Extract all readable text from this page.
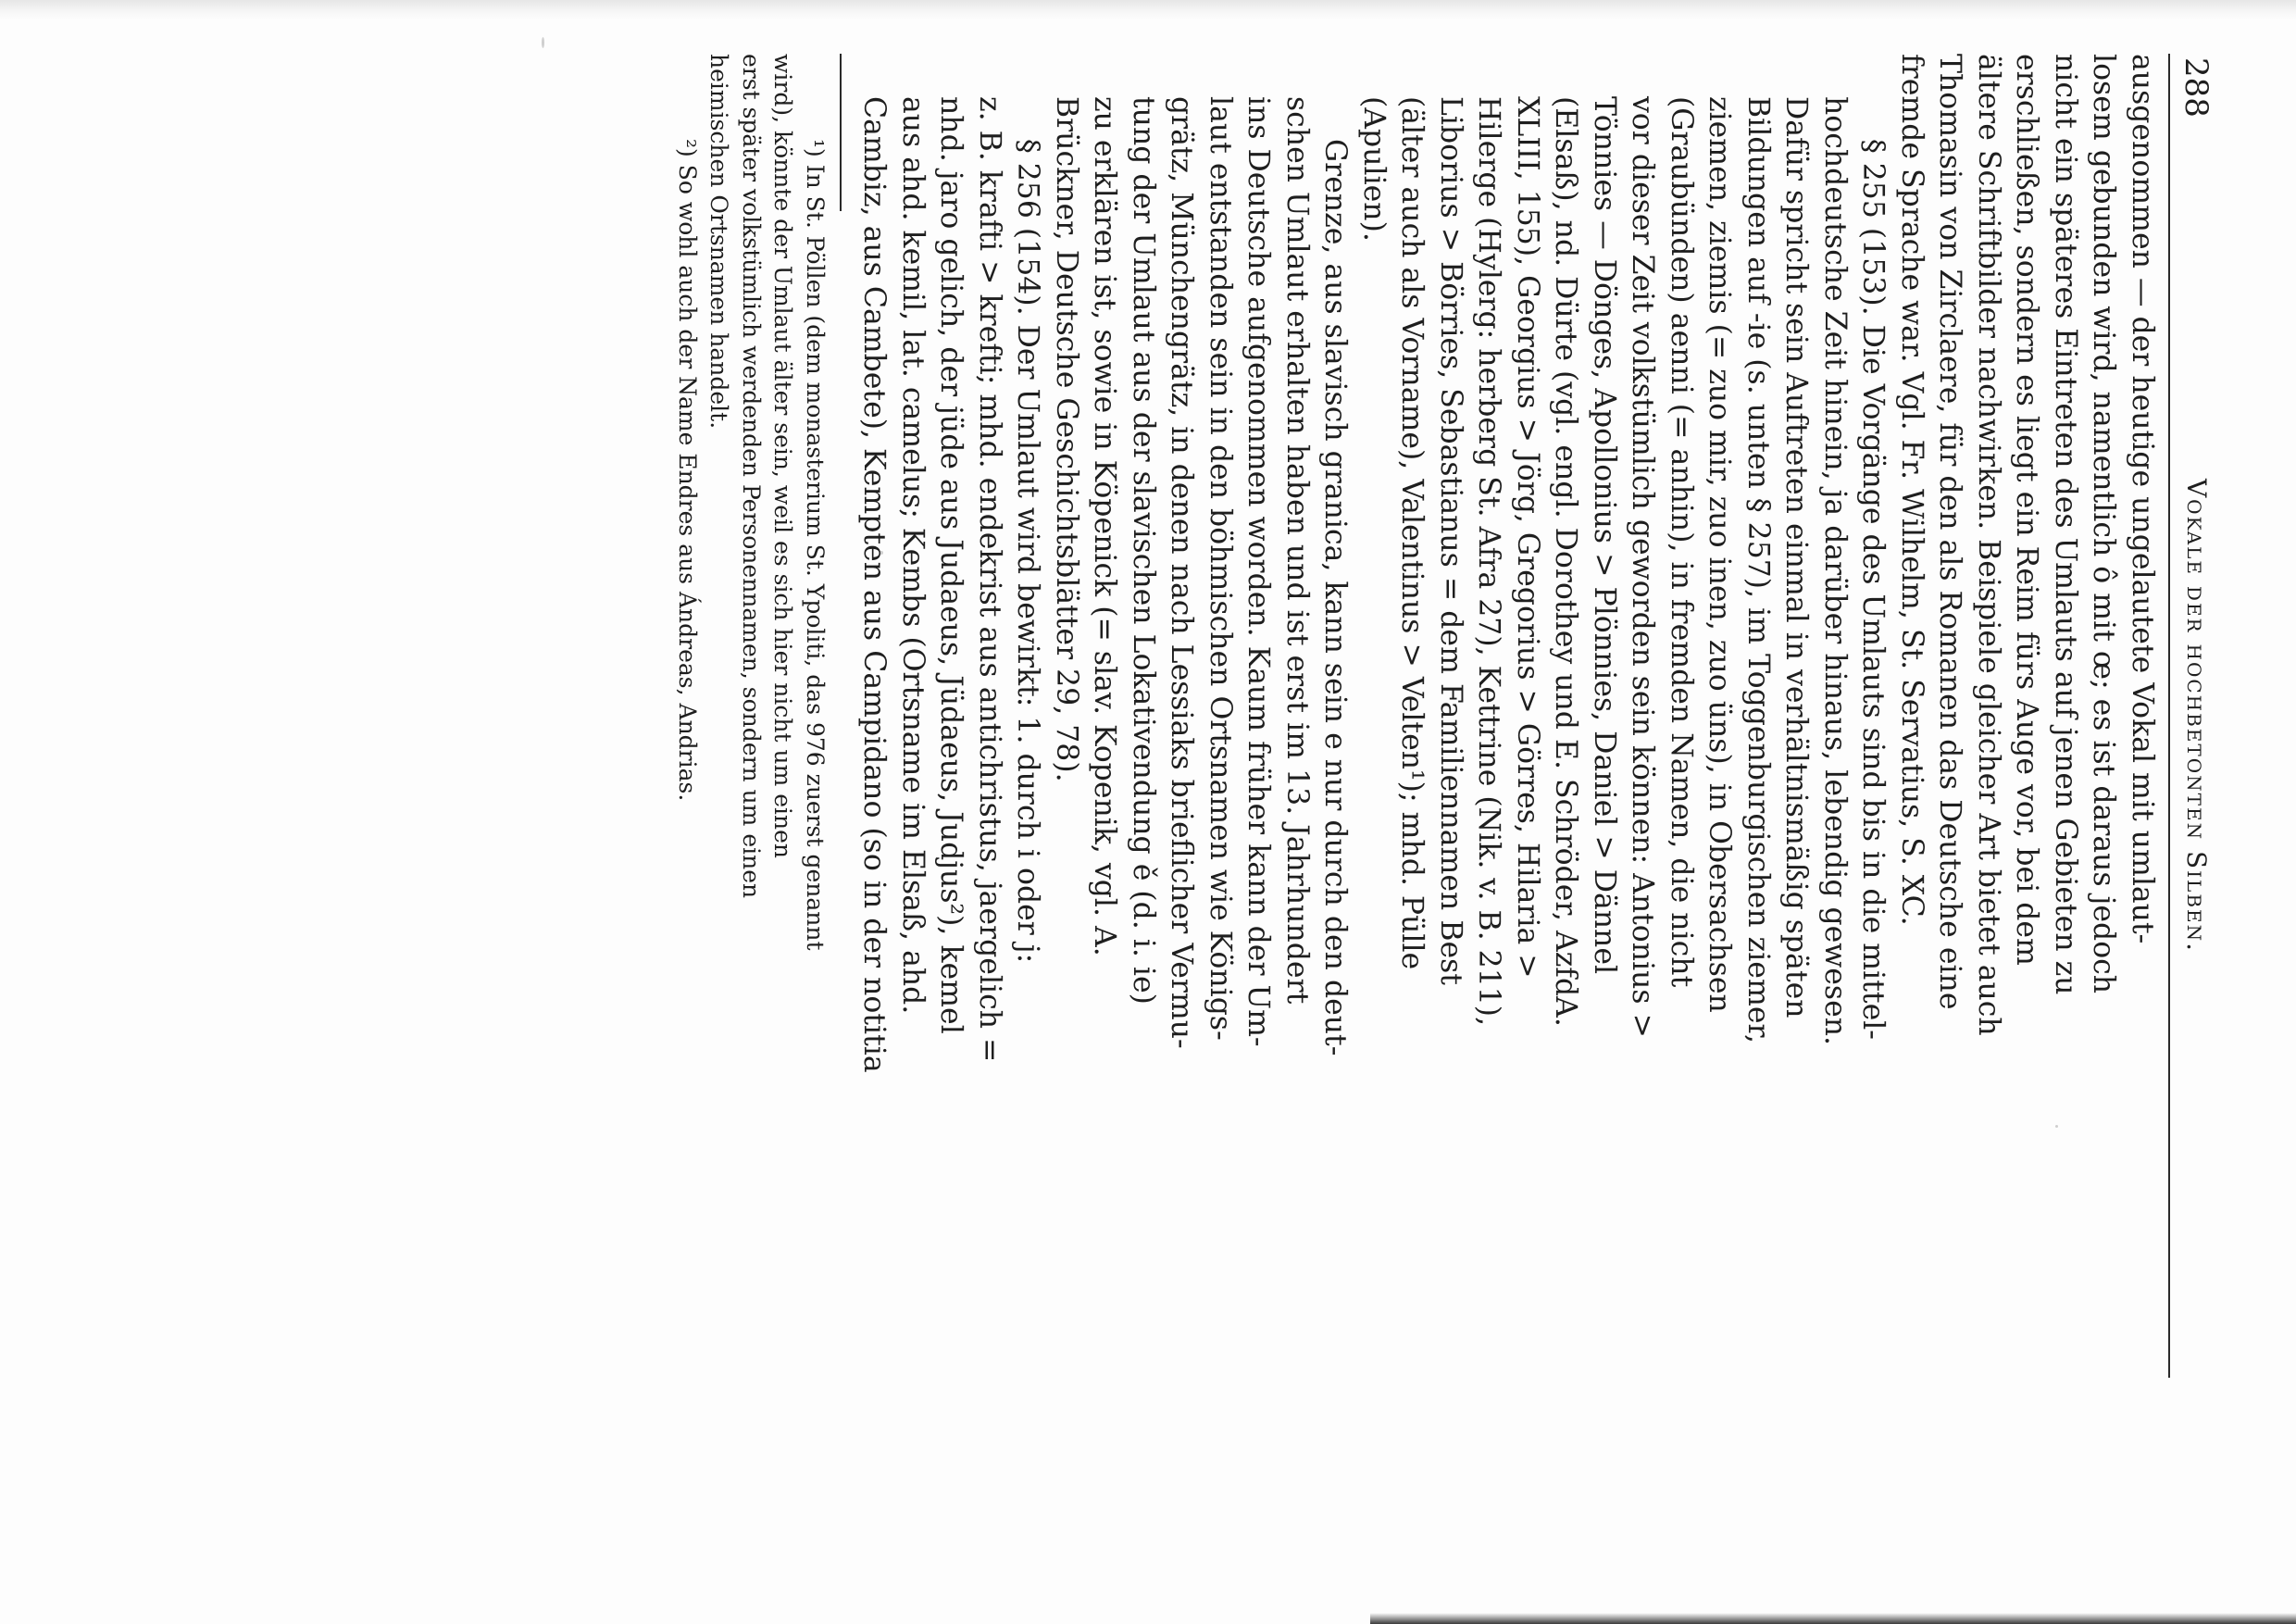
288
Vokale der hochbetonten Silben.

ausgenommen — der heutige ungelautete Vokal mit umlaut-
losem gebunden wird, namentlich ô mit œ; es ist daraus jedoch
nicht ein späteres Eintreten des Umlauts auf jenen Gebieten zu
erschließen, sondern es liegt ein Reim fürs Auge vor, bei dem
ältere Schriftbilder nachwirken. Beispiele gleicher Art bietet auch
Thomasin von Zirclaere, für den als Romanen das Deutsche eine
fremde Sprache war. Vgl. Fr. Wilhelm, St. Servatius, S. XC.

§ 255 (153). Die Vorgänge des Umlauts sind bis in die mittel-
hochdeutsche Zeit hinein, ja darüber hinaus, lebendig gewesen.
Dafür spricht sein Auftreten einmal in verhältnismäßig späten
Bildungen auf -ie (s. unten § 257), im Toggenburgischen ziemer,
ziemen, ziemis (= zuo mir, zuo inen, zuo üns), in Obersachsen
(Graubünden) aenni (= anhin), in fremden Namen, die nicht
vor dieser Zeit volkstümlich geworden sein können: Antonius >
Tönnies — Dönges, Apollonius > Plönnies, Daniel > Dännel
(Elsaß), nd. Dürte (vgl. engl. Dorothey und E. Schröder, AzfdA.
XLIII, 155), Georgius > Jörg, Gregorius > Görres, Hilaria >
Hilerge (Hylerg: herberg St. Afra 27), Kettrine (Nik. v. B. 211),
Liborius > Börries, Sebastianus = dem Familiennamen Best
(älter auch als Vorname), Valentinus > Velten¹); mhd. Püllе
(Apulien).

Grenze, aus slavisch granica, kann sein e nur durch den deut-
schen Umlaut erhalten haben und ist erst im 13. Jahrhundert
ins Deutsche aufgenommen worden. Kaum früher kann der Um-
laut entstanden sein in den böhmischen Ortsnamen wie Königs-
grätz, Münchengrätz, in denen nach Lessiaks brieflicher Vermu-
tung der Umlaut aus der slavischen Lokativendung ě (d. i. ie)
zu erklären ist, sowie in Köpenick (= slav. Kopenik, vgl. A.
Brückner, Deutsche Geschichtsblätter 29, 78).

§ 256 (154). Der Umlaut wird bewirkt: 1. durch i oder j:
z. B. krafti > krefti; mhd. endekrist aus antichristus, jaergelich =
nhd. jaro gelich, der jüde aus Judaeus, Jüdaeus, Judjus²), kemel
aus ahd. kemil, lat. camelus; Kembs (Ortsname im Elsaß, ahd.
Cambiz, aus Cambete), Kempten aus Campidano (so in der notitia

¹) In St. Pöllen (dem monasterium St. Ypoliti, das 976 zuerst genannt
wird), könnte der Umlaut älter sein, weil es sich hier nicht um einen
erst später volkstümlich werdenden Personennamen, sondern um einen
heimischen Ortsnamen handelt.

²) So wohl auch der Name Endres aus Ándreas, Andrias.
